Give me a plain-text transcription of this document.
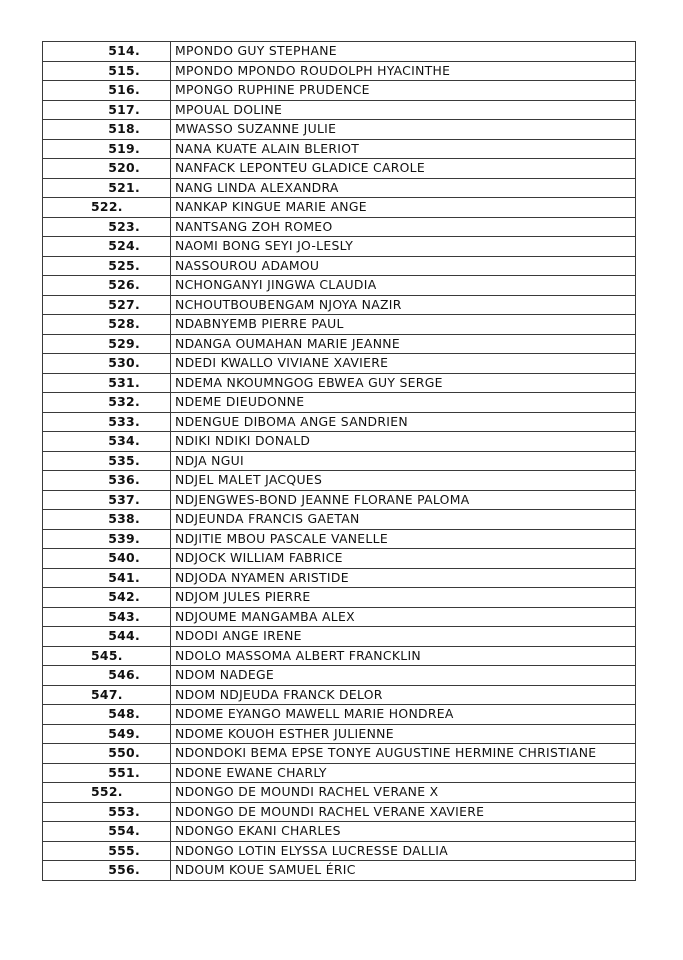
514.	MPONDO GUY STEPHANE
515.	MPONDO MPONDO ROUDOLPH HYACINTHE
516.	MPONGO RUPHINE PRUDENCE
517.	MPOUAL DOLINE
518.	MWASSO SUZANNE JULIE
519.	NANA KUATE ALAIN BLERIOT
520.	NANFACK LEPONTEU GLADICE CAROLE
521.	NANG LINDA ALEXANDRA
522.	NANKAP KINGUE MARIE ANGE
523.	NANTSANG ZOH ROMEO
524.	NAOMI BONG SEYI JO-LESLY
525.	NASSOUROU ADAMOU
526.	NCHONGANYI JINGWA CLAUDIA
527.	NCHOUTBOUBENGAM NJOYA NAZIR
528.	NDABNYEMB PIERRE PAUL
529.	NDANGA OUMAHAN MARIE JEANNE
530.	NDEDI KWALLO VIVIANE XAVIERE
531.	NDEMA NKOUMNGOG EBWEA GUY SERGE
532.	NDEME DIEUDONNE
533.	NDENGUE DIBOMA ANGE SANDRIEN
534.	NDIKI NDIKI DONALD
535.	NDJA NGUI
536.	NDJEL MALET JACQUES
537.	NDJENGWES-BOND JEANNE FLORANE PALOMA
538.	NDJEUNDA FRANCIS GAETAN
539.	NDJITIE MBOU PASCALE VANELLE
540.	NDJOCK WILLIAM FABRICE
541.	NDJODA NYAMEN ARISTIDE
542.	NDJOM JULES PIERRE
543.	NDJOUME MANGAMBA ALEX
544.	NDODI ANGE IRENE
545.	NDOLO MASSOMA ALBERT FRANCKLIN
546.	NDOM NADEGE
547.	NDOM NDJEUDA FRANCK DELOR
548.	NDOME EYANGO MAWELL MARIE HONDREA
549.	NDOME KOUOH ESTHER JULIENNE
550.	NDONDOKI BEMA EPSE TONYE AUGUSTINE HERMINE CHRISTIANE
551.	NDONE EWANE CHARLY
552.	NDONGO DE MOUNDI RACHEL VERANE X
553.	NDONGO DE MOUNDI RACHEL VERANE XAVIERE
554.	NDONGO EKANI CHARLES
555.	NDONGO LOTIN ELYSSA LUCRESSE DALLIA
556.	NDOUM KOUE SAMUEL ÉRIC
